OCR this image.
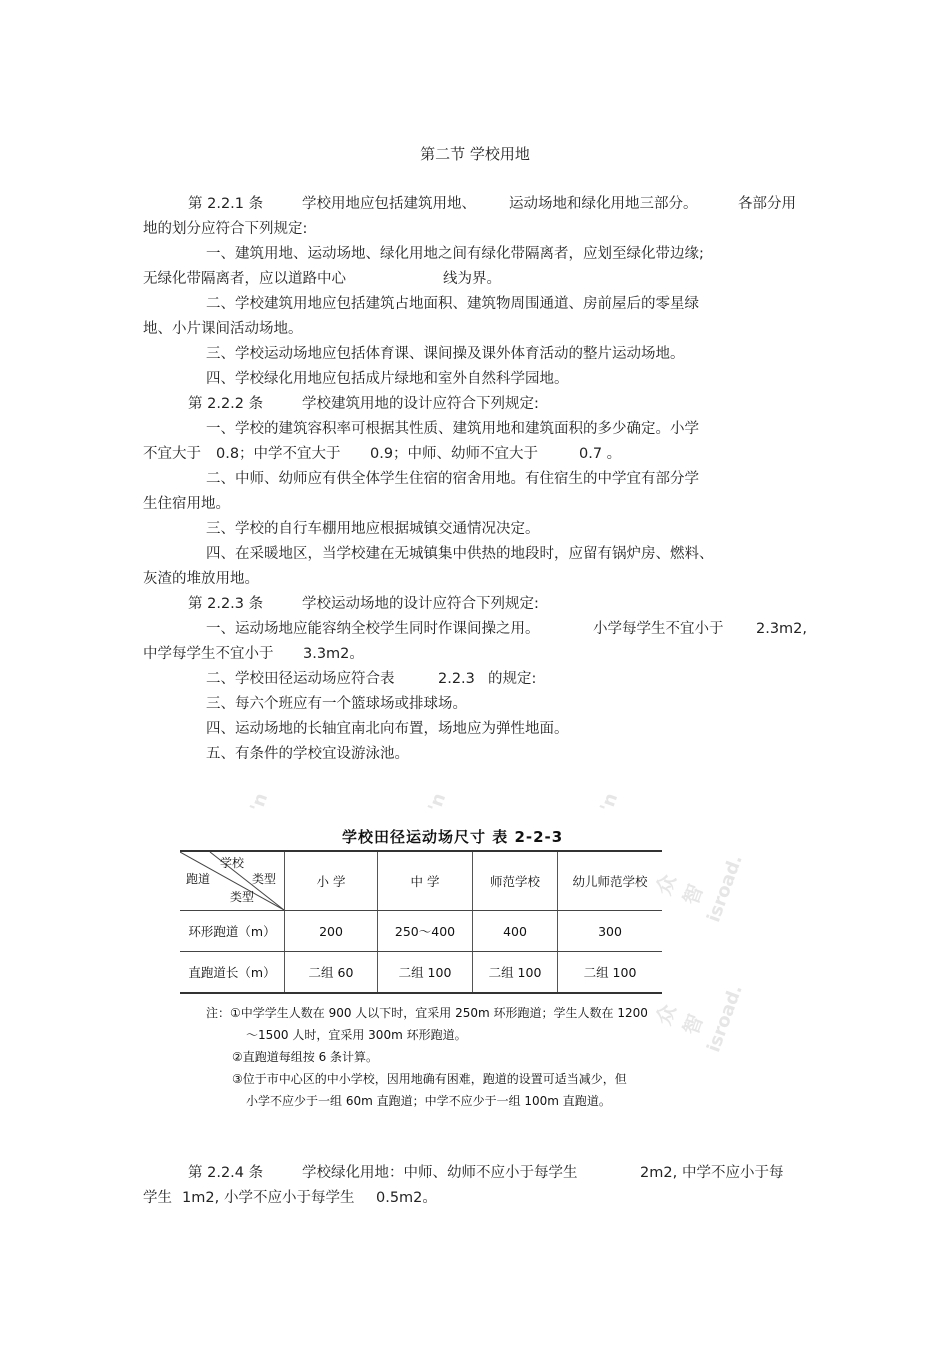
第二节 学校用地
第 2.2.1 条	学校用地应包括建筑用地、 运动场地和绿化用地三部分。	各部分用
地的划分应符合下列规定:
一、建筑用地、运动场地、绿化用地之间有绿化带隔离者，应划至绿化带边缘;
无绿化带隔离者，应以道路中心	线为界。
二、学校建筑用地应包括建筑占地面积、建筑物周围通道、房前屋后的零星绿
地、小片课间活动场地。
三、学校运动场地应包括体育课、课间操及课外体育活动的整片运动场地。
四、学校绿化用地应包括成片绿地和室外自然科学园地。
第 2.2.2 条	学校建筑用地的设计应符合下列规定:
一、学校的建筑容积率可根据其性质、建筑用地和建筑面积的多少确定。小学
不宜大于 0.8；中学不宜大于 0.9；中师、幼师不宜大于	0.7 。
二、中师、幼师应有供全体学生住宿的宿舍用地。有住宿生的中学宜有部分学
生住宿用地。
三、学校的自行车棚用地应根据城镇交通情况决定。
四、在采暖地区，当学校建在无城镇集中供热的地段时，应留有锅炉房、燃料、
灰渣的堆放用地。
第 2.2.3 条	学校运动场地的设计应符合下列规定:
一、运动场地应能容纳全校学生同时作课间操之用。	小学每学生不宜小于 2.3m2,
中学每学生不宜小于 3.3m2。
二、学校田径运动场应符合表	2.2.3 的规定:
三、每六个班应有一个篮球场或排球场。
四、运动场地的长轴宜南北向布置，场地应为弹性地面。
五、有条件的学校宜设游泳池。
'n	'n	'n
众智
isroad.
众智
isroad.
学校田径运动场尺寸 表 2-2-3
学校
类型
跑道
类型	小 学	中 学	师范学校	幼儿师范学校
环形跑道（m）	200	250～400	400	300
直跑道长（m）	二组 60	二组 100	二组 100	二组 100
注：①中学学生人数在 900 人以下时，宜采用 250m 环形跑道；学生人数在 1200
～1500 人时，宜采用 300m 环形跑道。
②直跑道每组按 6 条计算。
③位于市中心区的中小学校，因用地确有困难，跑道的设置可适当减少，但
小学不应少于一组 60m 直跑道；中学不应少于一组 100m 直跑道。
第 2.2.4 条	学校绿化用地：中师、幼师不应小于每学生	2m2, 中学不应小于每
学生 1m2, 小学不应小于每学生 0.5m2。
